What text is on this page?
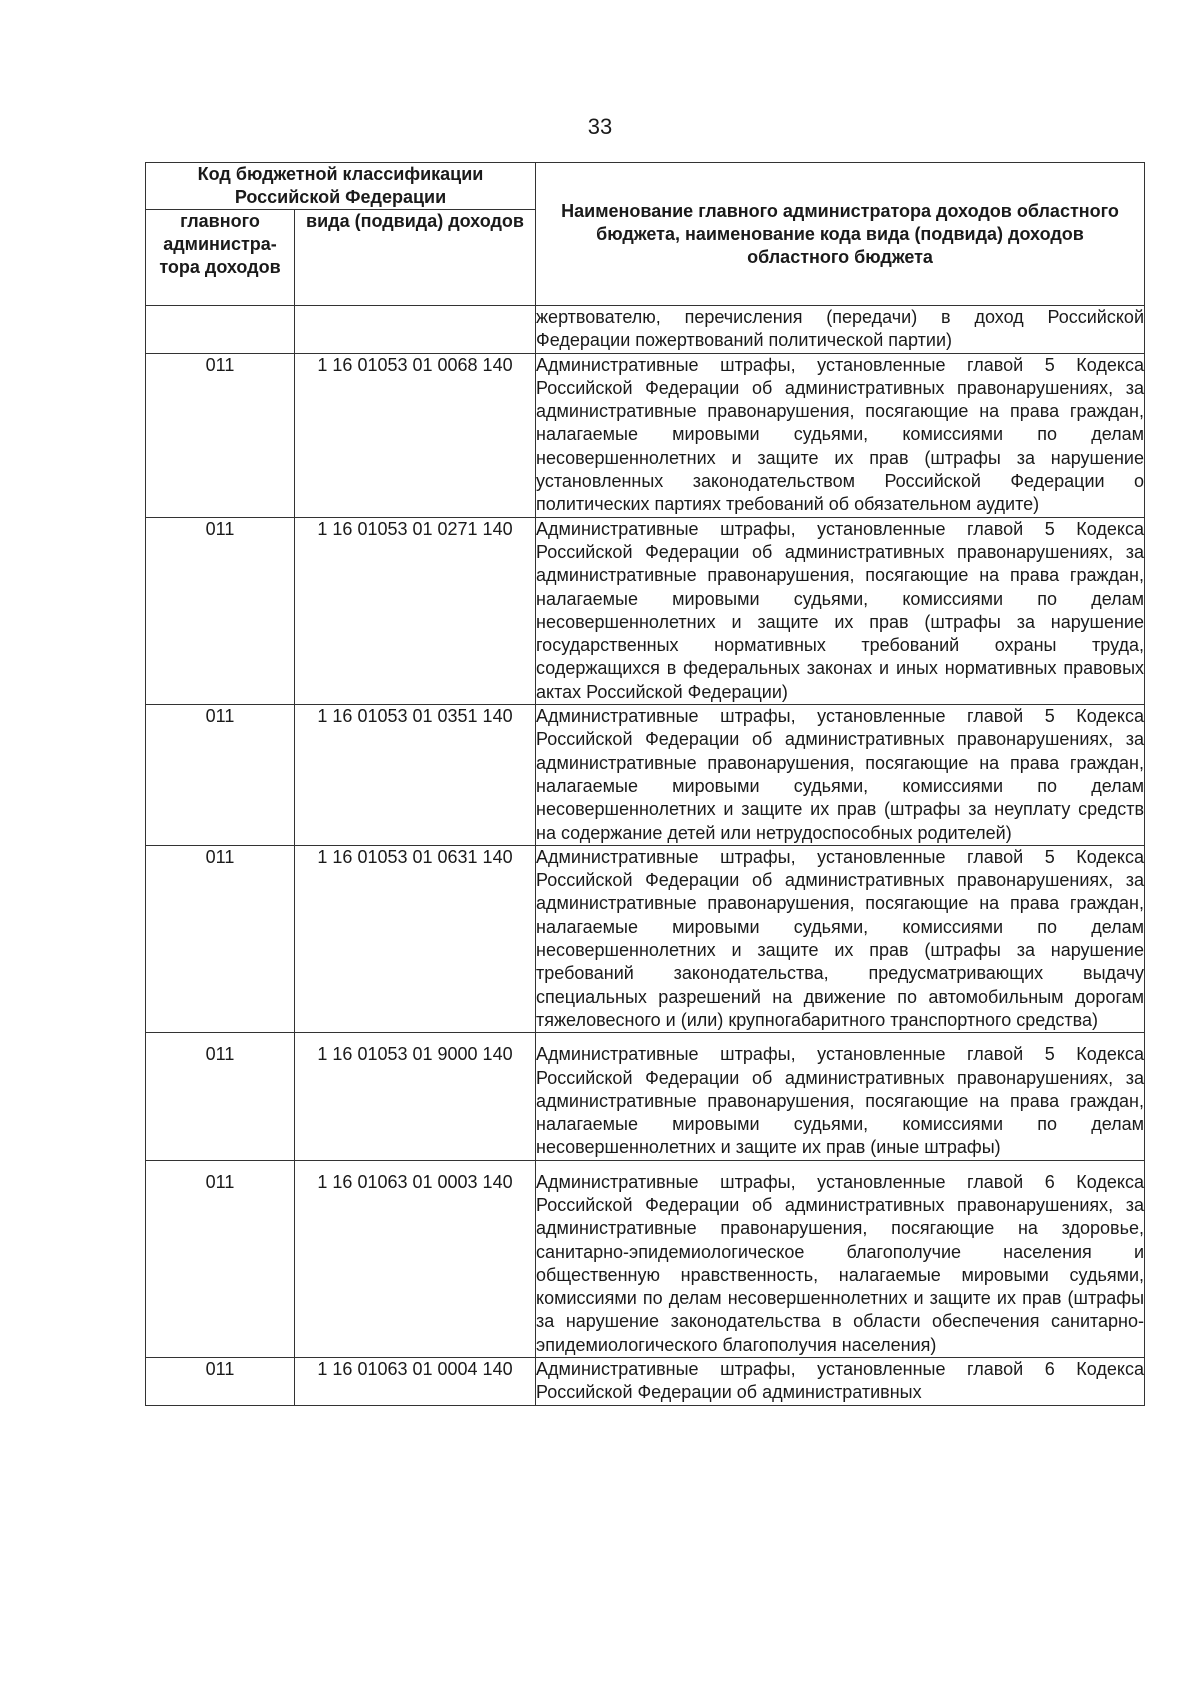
33
Код бюджетной классификации Российской Федерации		Наименование главного администратора доходов областного бюджета, наименование кода вида (подвида) доходов областного бюджета
главного администра-тора доходов	вида (подвида) доходов	
		жертвователю, перечисления (передачи) в доход Российской Федерации пожертвований политической партии)
011	1 16 01053 01 0068 140	Административные штрафы, установленные главой 5 Кодекса Российской Федерации об административных правонарушениях, за административные правонарушения, посягающие на права граждан, налагаемые мировыми судьями, комиссиями по делам несовершеннолетних и защите их прав (штрафы за нарушение установленных законодательством Российской Федерации о политических партиях требований об обязательном аудите)
011	1 16 01053 01 0271 140	Административные штрафы, установленные главой 5 Кодекса Российской Федерации об административных правонарушениях, за административные правонарушения, посягающие на права граждан, налагаемые мировыми судьями, комиссиями по делам несовершеннолетних и защите их прав (штрафы за нарушение государственных нормативных требований охраны труда, содержащихся в федеральных законах и иных нормативных правовых актах Российской Федерации)
011	1 16 01053 01 0351 140	Административные штрафы, установленные главой 5 Кодекса Российской Федерации об административных правонарушениях, за административные правонарушения, посягающие на права граждан, налагаемые мировыми судьями, комиссиями по делам несовершеннолетних и защите их прав (штрафы за неуплату средств на содержание детей или нетрудоспособных родителей)
011	1 16 01053 01 0631 140	Административные штрафы, установленные главой 5 Кодекса Российской Федерации об административных правонарушениях, за административные правонарушения, посягающие на права граждан, налагаемые мировыми судьями, комиссиями по делам несовершеннолетних и защите их прав (штрафы за нарушение требований законодательства, предусматривающих выдачу специальных разрешений на движение по автомобильным дорогам тяжеловесного и (или) крупногабаритного транспортного средства)
011	1 16 01053 01 9000 140	Административные штрафы, установленные главой 5 Кодекса Российской Федерации об административных правонарушениях, за административные правонарушения, посягающие на права граждан, налагаемые мировыми судьями, комиссиями по делам несовершеннолетних и защите их прав (иные штрафы)
011	1 16 01063 01 0003 140	Административные штрафы, установленные главой 6 Кодекса Российской Федерации об административных правонарушениях, за административные правонарушения, посягающие на здоровье, санитарно-эпидемиологическое благополучие населения и общественную нравственность, налагаемые мировыми судьями, комиссиями по делам несовершеннолетних и защите их прав (штрафы за нарушение законодательства в области обеспечения санитарно- эпидемиологического благополучия населения)
011	1 16 01063 01 0004 140	Административные штрафы, установленные главой 6 Кодекса Российской Федерации об административных
